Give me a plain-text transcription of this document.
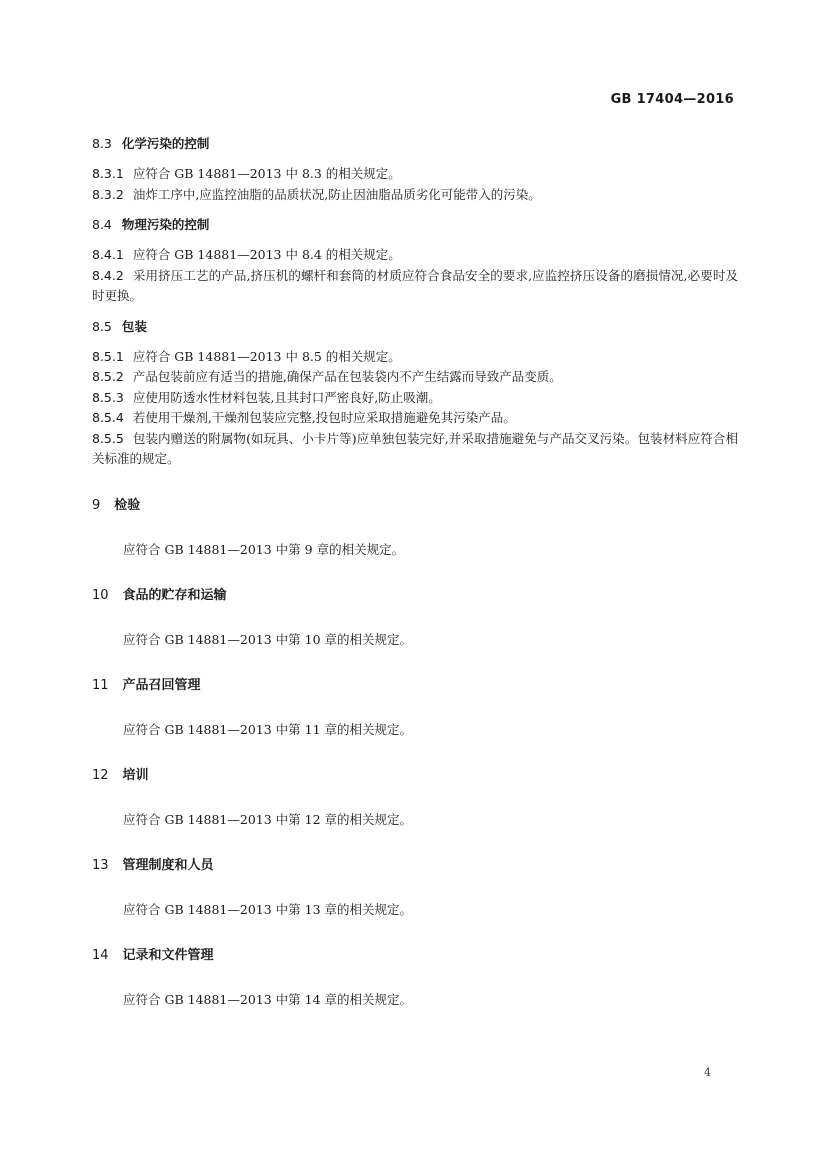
GB 17404—2016
8.3 化学污染的控制

8.3.1 应符合 GB 14881—2013 中 8.3 的相关规定。

8.3.2 油炸工序中,应监控油脂的品质状况,防止因油脂品质劣化可能带入的污染。

8.4 物理污染的控制

8.4.1 应符合 GB 14881—2013 中 8.4 的相关规定。

8.4.2 采用挤压工艺的产品,挤压机的螺杆和套筒的材质应符合食品安全的要求,应监控挤压设备的磨损情况,必要时及时更换。

8.5 包装

8.5.1 应符合 GB 14881—2013 中 8.5 的相关规定。

8.5.2 产品包装前应有适当的措施,确保产品在包装袋内不产生结露而导致产品变质。

8.5.3 应使用防透水性材料包装,且其封口严密良好,防止吸潮。

8.5.4 若使用干燥剂,干燥剂包装应完整,投包时应采取措施避免其污染产品。

8.5.5 包装内赠送的附属物(如玩具、小卡片等)应单独包装完好,并采取措施避免与产品交叉污染。包装材料应符合相关标准的规定。

9 检验

应符合 GB 14881—2013 中第 9 章的相关规定。

10 食品的贮存和运输

应符合 GB 14881—2013 中第 10 章的相关规定。

11 产品召回管理

应符合 GB 14881—2013 中第 11 章的相关规定。

12 培训

应符合 GB 14881—2013 中第 12 章的相关规定。

13 管理制度和人员

应符合 GB 14881—2013 中第 13 章的相关规定。

14 记录和文件管理

应符合 GB 14881—2013 中第 14 章的相关规定。

4
